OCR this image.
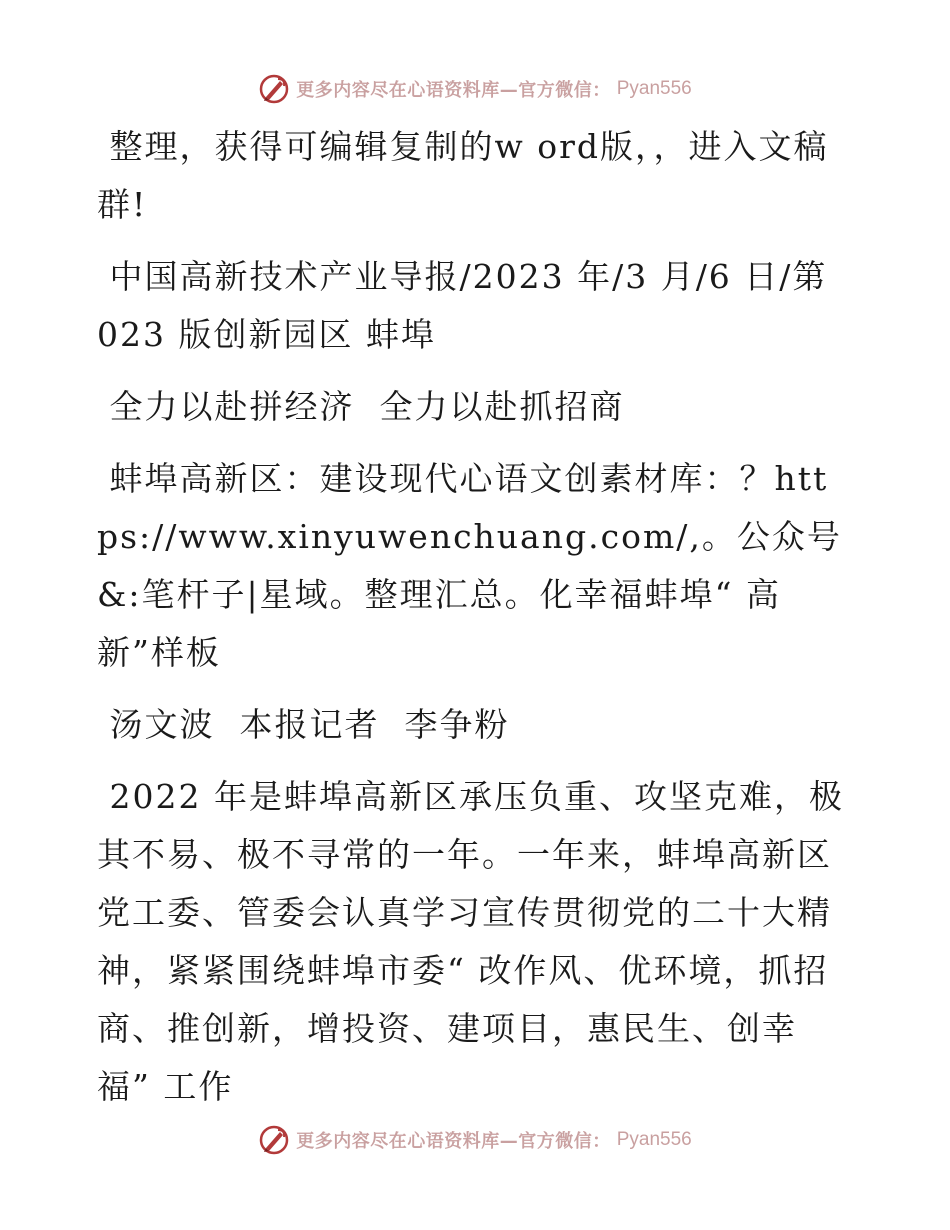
更多内容尽在心语资料库—官方微信： Pyan556

整理，获得可编辑复制的w ord版，，进入文稿群!

中国高新技术产业导报/2023 年/3 月/6 日/第023 版创新园区 蚌埠

全力以赴拼经济  全力以赴抓招商

蚌埠高新区：建设现代心语文创素材库：？https://www.xinyuwenchuang.com/,。公众号&:笔杆子|星域。整理汇总。化幸福蚌埠“ 高新”样板

汤文波  本报记者  李争粉

2022 年是蚌埠高新区承压负重、攻坚克难，极其不易、极不寻常的一年。一年来，蚌埠高新区党工委、管委会认真学习宣传贯彻党的二十大精神，紧紧围绕蚌埠市委“ 改作风、优环境，抓招商、推创新，增投资、建项目，惠民生、创幸福” 工作

更多内容尽在心语资料库—官方微信： Pyan556
